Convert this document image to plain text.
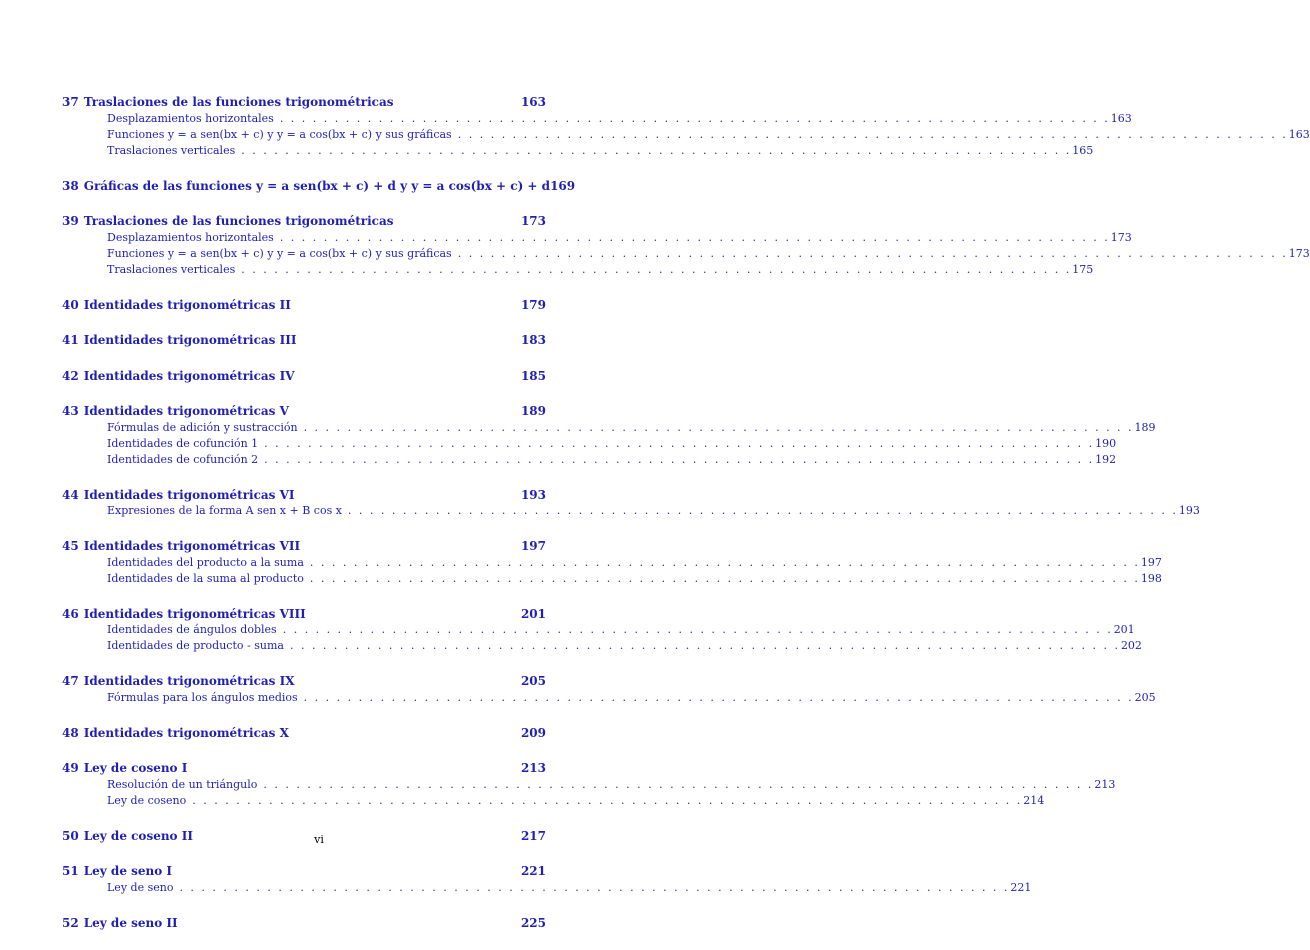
37 Traslaciones de las funciones trigonométricas	163
Desplazamientos horizontales . . .	163
Funciones y = a sen(bx + c) y y = a cos(bx + c) y sus gráficas . . .	163
Traslaciones verticales . . .	165
38 Gráficas de las funciones y = a sen(bx + c) + d y y = a cos(bx + c) + d 169
39 Traslaciones de las funciones trigonométricas	173
Desplazamientos horizontales . . .	173
Funciones y = a sen(bx + c) y y = a cos(bx + c) y sus gráficas . . .	173
Traslaciones verticales . . .	175
40 Identidades trigonométricas II	179
41 Identidades trigonométricas III	183
42 Identidades trigonométricas IV	185
43 Identidades trigonométricas V	189
Fórmulas de adición y sustracción . . .	189
Identidades de cofunción 1 . . .	190
Identidades de cofunción 2 . . .	192
44 Identidades trigonométricas VI	193
Expresiones de la forma A sen x + B cos x . . .	193
45 Identidades trigonométricas VII	197
Identidades del producto a la suma . . .	197
Identidades de la suma al producto . . .	198
46 Identidades trigonométricas VIII	201
Identidades de ángulos dobles . . .	201
Identidades de producto - suma . . .	202
47 Identidades trigonométricas IX	205
Fórmulas para los ángulos medios . . .	205
48 Identidades trigonométricas X	209
49 Ley de coseno I	213
Resolución de un triángulo . . .	213
Ley de coseno . . .	214
50 Ley de coseno II	217
51 Ley de seno I	221
Ley de seno . . .	221
52 Ley de seno II	225
vi
